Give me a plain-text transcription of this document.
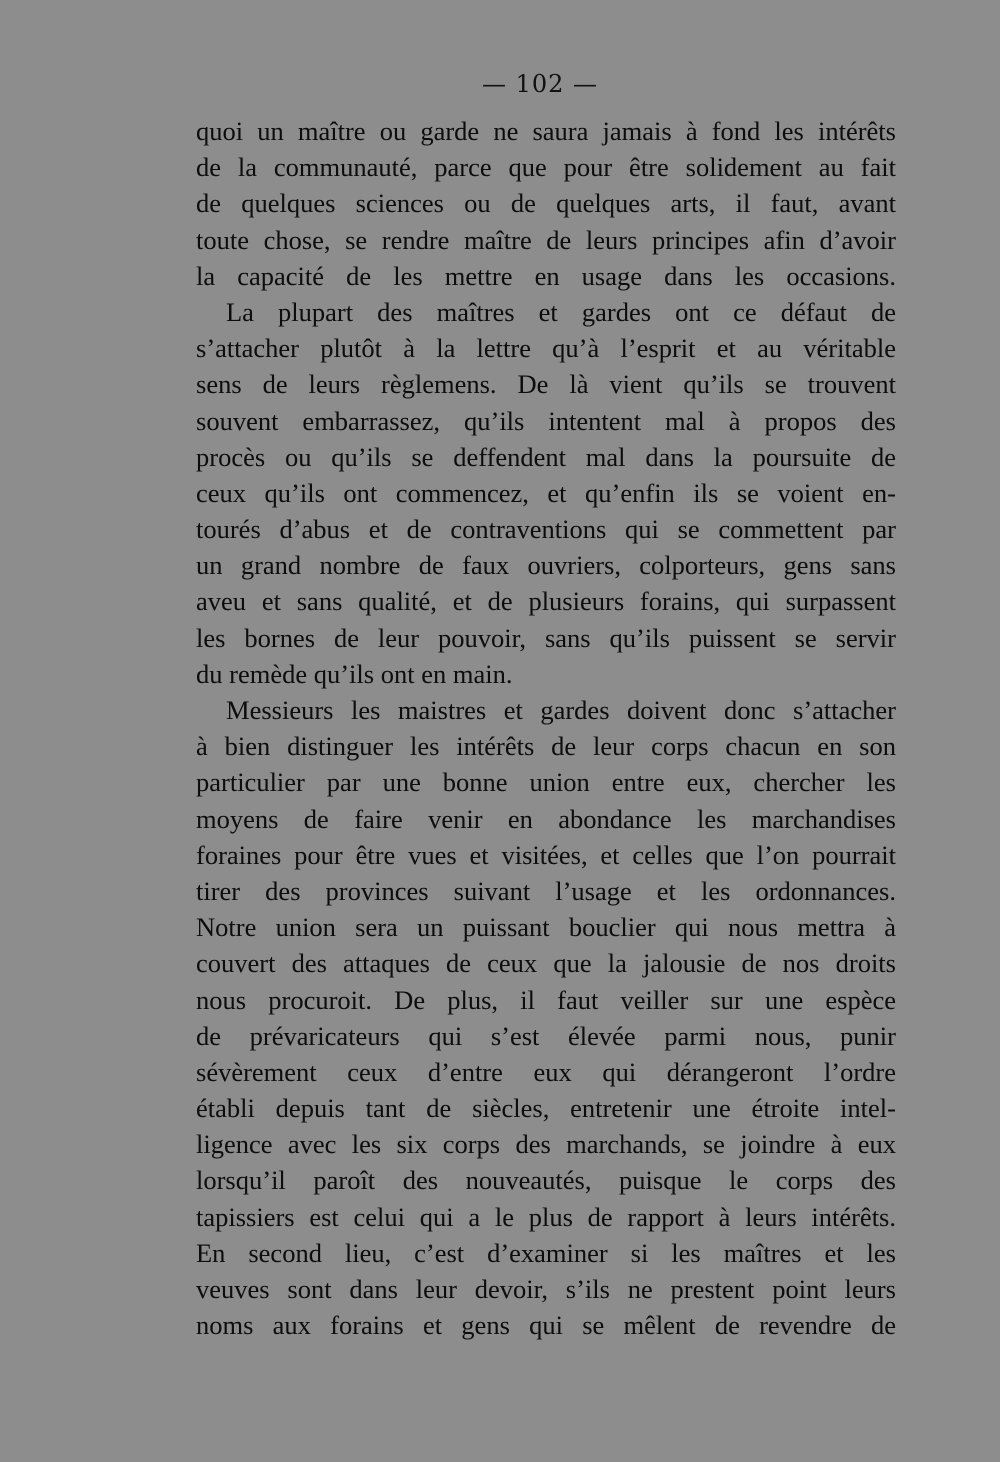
— 102 —
quoi un maître ou garde ne saura jamais à fond les intérêts
de la communauté, parce que pour être solidement au fait
de quelques sciences ou de quelques arts, il faut, avant
toute chose, se rendre maître de leurs principes afin d’avoir
la capacité de les mettre en usage dans les occasions.
La plupart des maîtres et gardes ont ce défaut de
s’attacher plutôt à la lettre qu’à l’esprit et au véritable
sens de leurs règlemens. De là vient qu’ils se trouvent
souvent embarrassez, qu’ils intentent mal à propos des
procès ou qu’ils se deffendent mal dans la poursuite de
ceux qu’ils ont commencez, et qu’enfin ils se voient en-
tourés d’abus et de contraventions qui se commettent par
un grand nombre de faux ouvriers, colporteurs, gens sans
aveu et sans qualité, et de plusieurs forains, qui surpassent
les bornes de leur pouvoir, sans qu’ils puissent se servir
du remède qu’ils ont en main.
Messieurs les maistres et gardes doivent donc s’attacher
à bien distinguer les intérêts de leur corps chacun en son
particulier par une bonne union entre eux, chercher les
moyens de faire venir en abondance les marchandises
foraines pour être vues et visitées, et celles que l’on pourrait
tirer des provinces suivant l’usage et les ordonnances.
Notre union sera un puissant bouclier qui nous mettra à
couvert des attaques de ceux que la jalousie de nos droits
nous procuroit. De plus, il faut veiller sur une espèce
de prévaricateurs qui s’est élevée parmi nous, punir
sévèrement ceux d’entre eux qui dérangeront l’ordre
établi depuis tant de siècles, entretenir une étroite intel-
ligence avec les six corps des marchands, se joindre à eux
lorsqu’il paroît des nouveautés, puisque le corps des
tapissiers est celui qui a le plus de rapport à leurs intérêts.
En second lieu, c’est d’examiner si les maîtres et les
veuves sont dans leur devoir, s’ils ne prestent point leurs
noms aux forains et gens qui se mêlent de revendre de
